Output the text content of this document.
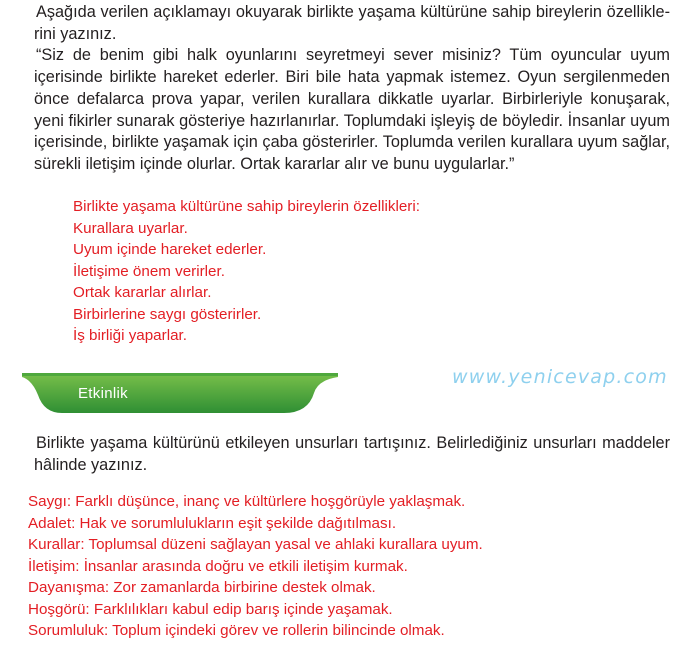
Aşağıda verilen açıklamayı okuyarak birlikte yaşama kültürüne sahip bireylerin özelliklerini yazınız.
“Siz de benim gibi halk oyunlarını seyretmeyi sever misiniz? Tüm oyuncular uyum içerisinde birlikte hareket ederler. Biri bile hata yapmak istemez. Oyun sergilenmeden önce defalarca prova yapar, verilen kurallara dikkatle uyarlar. Birbirleriyle konuşarak, yeni fikirler sunarak gösteriye hazırlanırlar. Toplumdaki işleyiş de böyledir. İnsanlar uyum içerisinde, birlikte yaşamak için çaba gösterirler. Toplumda verilen kurallara uyum sağlar, sürekli iletişim içinde olurlar. Ortak kararlar alır ve bunu uygularlar.”

Birlikte yaşama kültürüne sahip bireylerin özellikleri:
Kurallara uyarlar.
Uyum içinde hareket ederler.
İletişime önem verirler.
Ortak kararlar alırlar.
Birbirlerine saygı gösterirler.
İş birliği yaparlar.
Etkinlik
www.yenicevap.com

Birlikte yaşama kültürünü etkileyen unsurları tartışınız. Belirlediğiniz unsurları maddeler hâlinde yazınız.

Saygı: Farklı düşünce, inanç ve kültürlere hoşgörüyle yaklaşmak.
Adalet: Hak ve sorumlulukların eşit şekilde dağıtılması.
Kurallar: Toplumsal düzeni sağlayan yasal ve ahlaki kurallara uyum.
İletişim: İnsanlar arasında doğru ve etkili iletişim kurmak.
Dayanışma: Zor zamanlarda birbirine destek olmak.
Hoşgörü: Farklılıkları kabul edip barış içinde yaşamak.
Sorumluluk: Toplum içindeki görev ve rollerin bilincinde olmak.
